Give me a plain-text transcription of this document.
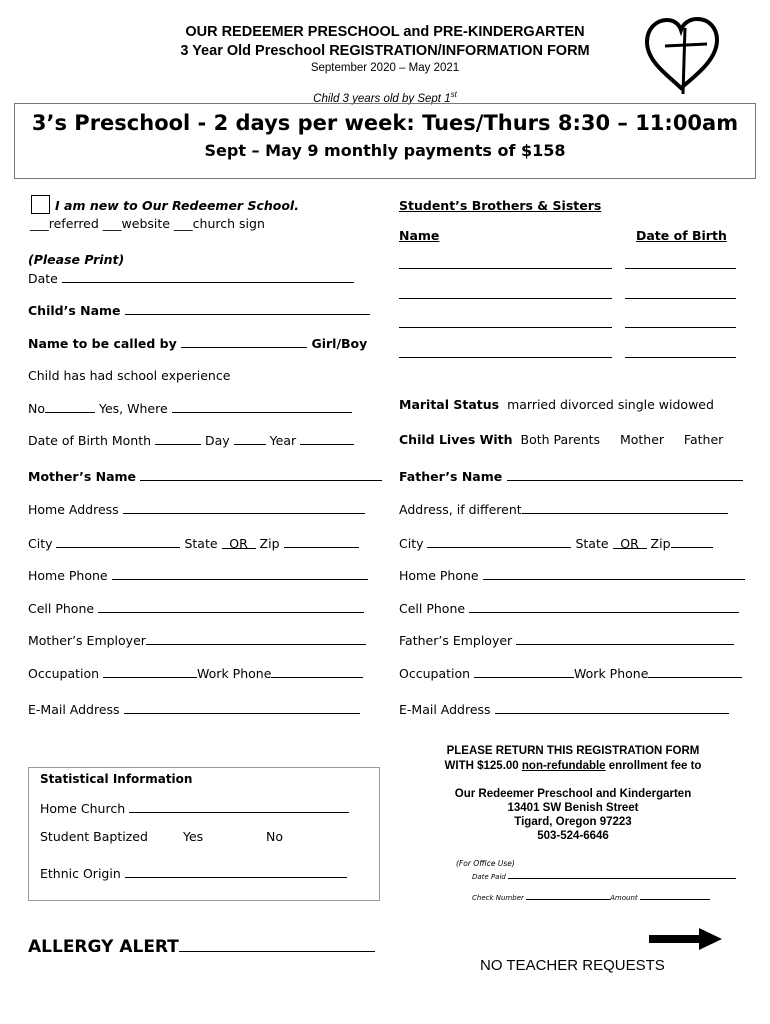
OUR REDEEMER PRESCHOOL and PRE-KINDERGARTEN
3 Year Old Preschool REGISTRATION/INFORMATION FORM
September 2020 – May 2021
Child 3 years old by Sept 1st
3’s Preschool - 2 days per week: Tues/Thurs 8:30 – 11:00am
Sept – May 9 monthly payments of $158
I am new to Our Redeemer School.
___referred ___website ___church sign
(Please Print)
Date
Child’s Name
Name to be called by	Girl/Boy
Child has had school experience
No	Yes, Where
Date of Birth Month	Day	Year
Mother’s Name
Home Address
City	State OR Zip
Home Phone
Cell Phone
Mother’s Employer
Occupation	Work Phone
E-Mail Address
Student’s Brothers & Sisters
Name	Date of Birth
Marital Status married divorced single widowed
Child Lives With Both Parents Mother Father
Father’s Name
Address, if different
City	State OR Zip
Home Phone
Cell Phone
Father’s Employer
Occupation	Work Phone
E-Mail Address
Statistical Information
Home Church
Student Baptized	Yes	No
Ethnic Origin
PLEASE RETURN THIS REGISTRATION FORM
WITH $125.00 non-refundable enrollment fee to
Our Redeemer Preschool and Kindergarten
13401 SW Benish Street
Tigard, Oregon 97223
503-524-6646
(For Office Use)
Date Paid
Check Number	Amount
ALLERGY ALERT
NO TEACHER REQUESTS
